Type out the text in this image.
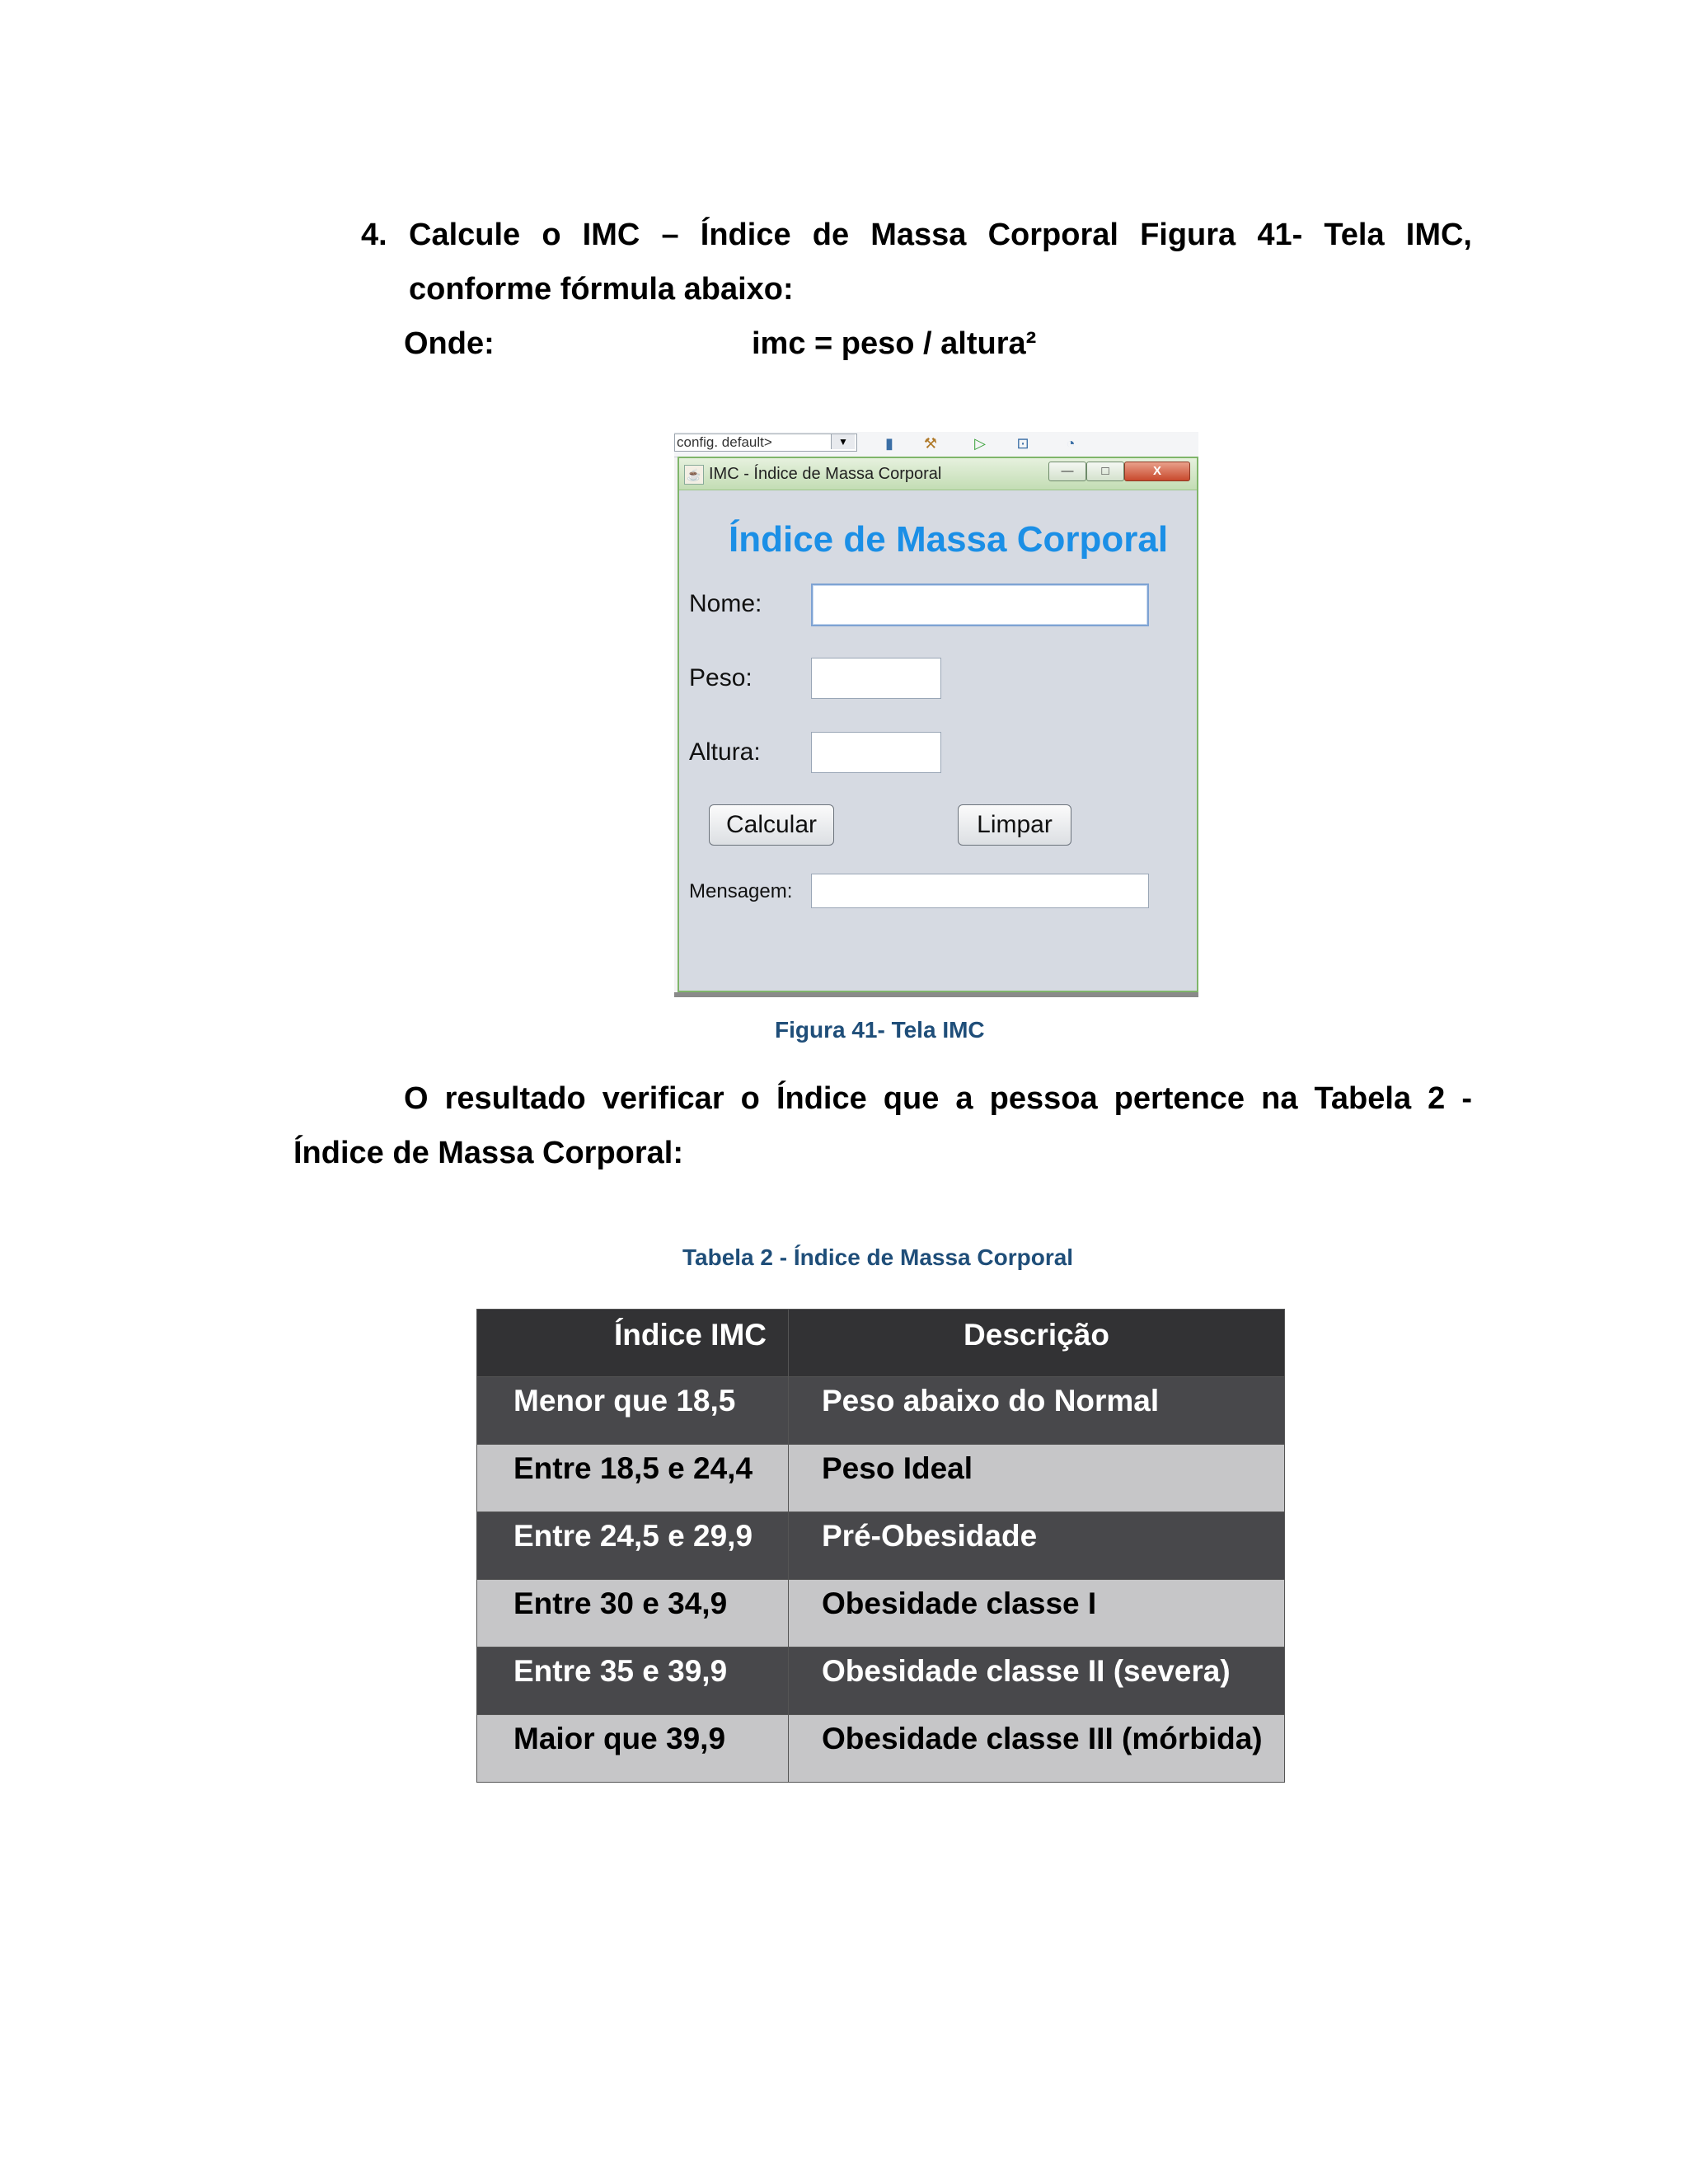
4. Calcule o IMC – Índice de Massa Corporal Figura 41- Tela IMC,
conforme fórmula abaixo:
Onde:	imc = peso / altura²
config. default>	▼	▮	⚒	▷ ⊡	◔
☕ IMC - Índice de Massa Corporal	—	□	X
Índice de Massa Corporal
Nome:
Peso:
Altura:
Calcular	Limpar
Mensagem:
Figura 41- Tela IMC
O resultado verificar o Índice que a pessoa pertence na Tabela 2 -
Índice de Massa Corporal:
Tabela 2 - Índice de Massa Corporal
Índice IMC	Descrição
Menor que 18,5	Peso abaixo do Normal
Entre 18,5 e 24,4	Peso Ideal
Entre 24,5 e 29,9	Pré-Obesidade
Entre 30 e 34,9	Obesidade classe I
Entre 35 e 39,9	Obesidade classe II (severa)
Maior que 39,9	Obesidade classe III (mórbida)
